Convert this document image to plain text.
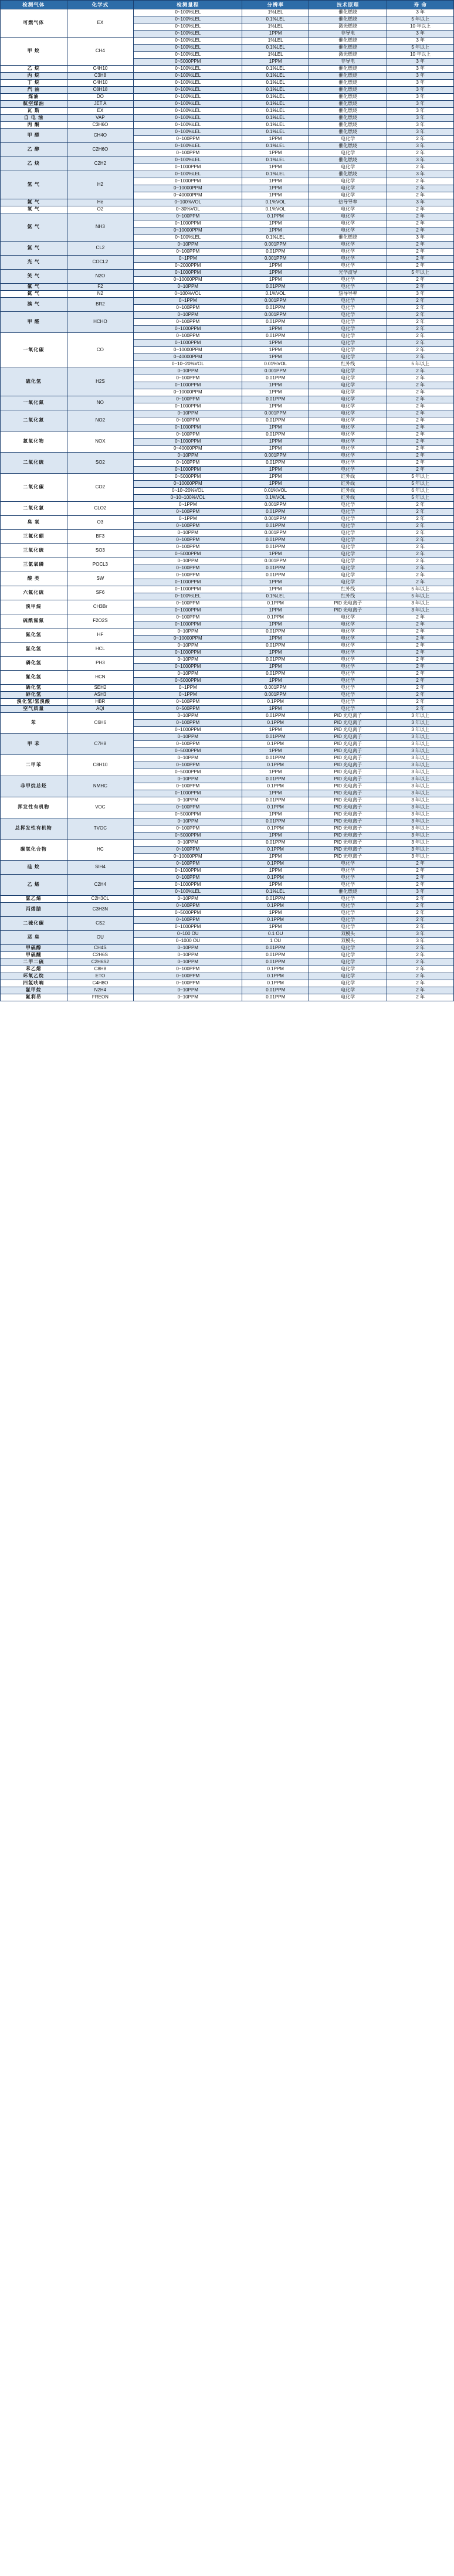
检测气体	化学式	检测量程	分辨率	技术原理	寿 命
可燃气体	EX	0~100%LEL	1%LEL	催化燃烧	3 年
		0~100%LEL	0.1%LEL	催化燃烧	5 年以上
		0~100%LEL	1%LEL	激光燃烧	10 年以上
		0~100%LEL	1PPM	非导电	3 年
甲 烷	CH4	0~100%LEL	1%LEL	催化燃烧	3 年
		0~100%LEL	0.1%LEL	催化燃烧	5 年以上
		0~100%LEL	1%LEL	激光燃烧	10 年以上
		0~5000PPM	1PPM	非导电	3 年
乙 烷	C4H10	0~100%LEL	0.1%LEL	催化燃烧	3 年
丙 烷	C3H8	0~100%LEL	0.1%LEL	催化燃烧	3 年
丁 烷	C4H10	0~100%LEL	0.1%LEL	催化燃烧	3 年
汽 油	C8H18	0~100%LEL	0.1%LEL	催化燃烧	3 年
煤油	DO	0~100%LEL	0.1%LEL	催化燃烧	3 年
航空煤油	JET A	0~100%LEL	0.1%LEL	催化燃烧	3 年
瓦 斯	EX	0~100%LEL	0.1%LEL	催化燃烧	3 年
自 电 油	VAP	0~100%LEL	0.1%LEL	催化燃烧	3 年
丙 酮	C3H6O	0~100%LEL	0.1%LEL	催化燃烧	3 年
甲 醛	CH4O	0~100%LEL	0.1%LEL	催化燃烧	3 年
		0~100PPM	1PPM	电化学	2 年
乙 醇	C2H6O	0~100%LEL	0.1%LEL	催化燃烧	3 年
		0~100PPM	1PPM	电化学	2 年
乙 炔	C2H2	0~100%LEL	0.1%LEL	催化燃烧	3 年
		0~1000PPM	1PPM	电化学	2 年
氢 气	H2	0~100%LEL	0.1%LEL	催化燃烧	3 年
		0~1000PPM	1PPM	电化学	2 年
		0~10000PPM	1PPM	电化学	2 年
		0~40000PPM	1PPM	电化学	2 年
氦 气	He	0~100%VOL	0.1%VOL	热导导率	3 年
氧 气	O2	0~30%VOL	0.1%VOL	电化学	2 年
氨 气	NH3	0~100PPM	0.1PPM	电化学	2 年
		0~1000PPM	1PPM	电化学	2 年
		0~10000PPM	1PPM	电化学	2 年
		0~100%LEL	0.1%LEL	催化燃烧	3 年
氯 气	CL2	0~10PPM	0.001PPM	电化学	2 年
		0~100PPM	0.01PPM	电化学	2 年
光 气	COCL2	0~1PPM	0.001PPM	电化学	2 年
		0~2000PPM	1PPM	电化学	2 年
笑 气	N2O	0~1000PPM	1PPM	光学波导	5 年以上
		0~10000PPM	1PPM	电化学	2 年
氟 气	F2	0~10PPM	0.01PPM	电化学	2 年
氮 气	N2	0~100%VOL	0.1%VOL	热导导率	3 年
溴 气	BR2	0~1PPM	0.001PPM	电化学	2 年
		0~100PPM	0.01PPM	电化学	2 年
甲 醛	HCHO	0~10PPM	0.001PPM	电化学	2 年
		0~100PPM	0.01PPM	电化学	2 年
		0~1000PPM	1PPM	电化学	2 年
一氧化碳	CO	0~100PPM	0.01PPM	电化学	2 年
		0~1000PPM	1PPM	电化学	2 年
		0~10000PPM	1PPM	电化学	2 年
		0~40000PPM	1PPM	电化学	2 年
		0~10~20%VOL	0.01%VOL	红外线	5 年以上
硫化氢	H2S	0~10PPM	0.001PPM	电化学	2 年
		0~100PPM	0.01PPM	电化学	2 年
		0~1000PPM	1PPM	电化学	2 年
		0~10000PPM	1PPM	电化学	2 年
一氧化氮	NO	0~100PPM	0.01PPM	电化学	2 年
		0~1000PPM	1PPM	电化学	2 年
二氧化氮	NO2	0~10PPM	0.001PPM	电化学	2 年
		0~100PPM	0.01PPM	电化学	2 年
		0~1000PPM	1PPM	电化学	2 年
氮氧化物	NOX	0~100PPM	0.01PPM	电化学	2 年
		0~1000PPM	1PPM	电化学	2 年
		0~40000PPM	1PPM	电化学	2 年
二氧化硫	SO2	0~10PPM	0.001PPM	电化学	2 年
		0~100PPM	0.01PPM	电化学	2 年
		0~1000PPM	1PPM	电化学	2 年
二氧化碳	CO2	0~5000PPM	1PPM	红外线	5 年以上
		0~10000PPM	1PPM	红外线	5 年以上
		0~10~20%VOL	0.01%VOL	红外线	6 年以上
		0~10~100%VOL	0.1%VOL	红外线	5 年以上
二氧化氯	CLO2	0~1PPM	0.001PPM	电化学	2 年
		0~100PPM	0.01PPM	电化学	2 年
臭 氧	O3	0~1PPM	0.001PPM	电化学	2 年
		0~100PPM	0.01PPM	电化学	2 年
三氟化硼	BF3	0~10PPM	0.001PPM	电化学	2 年
		0~100PPM	0.01PPM	电化学	2 年
三氧化硫	SO3	0~100PPM	0.01PPM	电化学	2 年
		0~5000PPM	1PPM	电化学	2 年
三氯氧磷	POCL3	0~10PPM	0.001PPM	电化学	2 年
		0~100PPM	0.01PPM	电化学	2 年
酸 类	SW	0~100PPM	0.01PPM	电化学	2 年
		0~1000PPM	1PPM	电化学	2 年
六氟化硫	SF6	0~1000PPM	1PPM	红外线	5 年以上
		0~100%LEL	0.1%LEL	红外线	5 年以上
溴甲烷	CH3Br	0~100PPM	0.1PPM	PID 光电离子	3 年以上
		0~1000PPM	1PPM	PID 光电离子	3 年以上
硫酰氟氟	F2O2S	0~100PPM	0.1PPM	电化学	2 年
		0~1000PPM	1PPM	电化学	2 年
氟化氢	HF	0~10PPM	0.01PPM	电化学	2 年
		0~10000PPM	1PPM	电化学	2 年
氯化氢	HCL	0~10PPM	0.01PPM	电化学	2 年
		0~1000PPM	1PPM	电化学	2 年
磷化氢	PH3	0~10PPM	0.01PPM	电化学	2 年
		0~1000PPM	1PPM	电化学	2 年
氰化氢	HCN	0~10PPM	0.01PPM	电化学	2 年
		0~5000PPM	1PPM	电化学	2 年
硒化氢	SEH2	0~1PPM	0.001PPM	电化学	2 年
砷化氢	ASH3	0~1PPM	0.001PPM	电化学	2 年
溴化氢/氢溴酸	HBR	0~100PPM	0.1PPM	电化学	2 年
空气质量	AQI	0~500PPM	1PPM	电化学	2 年
苯	C6H6	0~10PPM	0.01PPM	PID 光电离子	3 年以上
		0~100PPM	0.1PPM	PID 光电离子	3 年以上
		0~1000PPM	1PPM	PID 光电离子	3 年以上
甲 苯	C7H8	0~10PPM	0.01PPM	PID 光电离子	3 年以上
		0~100PPM	0.1PPM	PID 光电离子	3 年以上
		0~5000PPM	1PPM	PID 光电离子	3 年以上
二甲苯	C8H10	0~10PPM	0.01PPM	PID 光电离子	3 年以上
		0~100PPM	0.1PPM	PID 光电离子	3 年以上
		0~5000PPM	1PPM	PID 光电离子	3 年以上
非甲烷总烃	NMHC	0~10PPM	0.01PPM	PID 光电离子	3 年以上
		0~100PPM	0.1PPM	PID 光电离子	3 年以上
		0~1000PPM	1PPM	PID 光电离子	3 年以上
挥发性有机物	VOC	0~10PPM	0.01PPM	PID 光电离子	3 年以上
		0~100PPM	0.1PPM	PID 光电离子	3 年以上
		0~5000PPM	1PPM	PID 光电离子	3 年以上
总挥发性有机物	TVOC	0~10PPM	0.01PPM	PID 光电离子	3 年以上
		0~100PPM	0.1PPM	PID 光电离子	3 年以上
		0~5000PPM	1PPM	PID 光电离子	3 年以上
碳氢化合物	HC	0~10PPM	0.01PPM	PID 光电离子	3 年以上
		0~100PPM	0.1PPM	PID 光电离子	3 年以上
		0~10000PPM	1PPM	PID 光电离子	3 年以上
硅 烷	SIH4	0~100PPM	0.1PPM	电化学	2 年
		0~1000PPM	1PPM	电化学	2 年
乙 烯	C2H4	0~100PPM	0.1PPM	电化学	2 年
		0~1000PPM	1PPM	电化学	2 年
		0~100%LEL	0.1%LEL	催化燃烧	3 年
氯乙烯	C2H3CL	0~10PPM	0.01PPM	电化学	2 年
丙烯腈	C3H3N	0~100PPM	0.1PPM	电化学	2 年
		0~5000PPM	1PPM	电化学	2 年
二硫化碳	CS2	0~100PPM	0.1PPM	电化学	2 年
		0~1000PPM	1PPM	电化学	2 年
恶 臭	OU	0~100 OU	0.1 OU	双模头	3 年
		0~1000 OU	1 OU	双模头	3 年
甲硫醇	CH4S	0~10PPM	0.01PPM	电化学	2 年
甲硫醚	C2H6S	0~10PPM	0.01PPM	电化学	2 年
二甲二硫	C2H6S2	0~10PPM	0.01PPM	电化学	2 年
苯乙烯	C8H8	0~100PPM	0.1PPM	电化学	2 年
环氧乙烷	ETO	0~100PPM	0.1PPM	电化学	2 年
四氢呋喃	C4H8O	0~100PPM	0.1PPM	电化学	2 年
氯甲烷	N2H4	0~10PPM	0.01PPM	电化学	2 年
氟利昂	FREON	0~10PPM	0.01PPM	电化学	2 年
